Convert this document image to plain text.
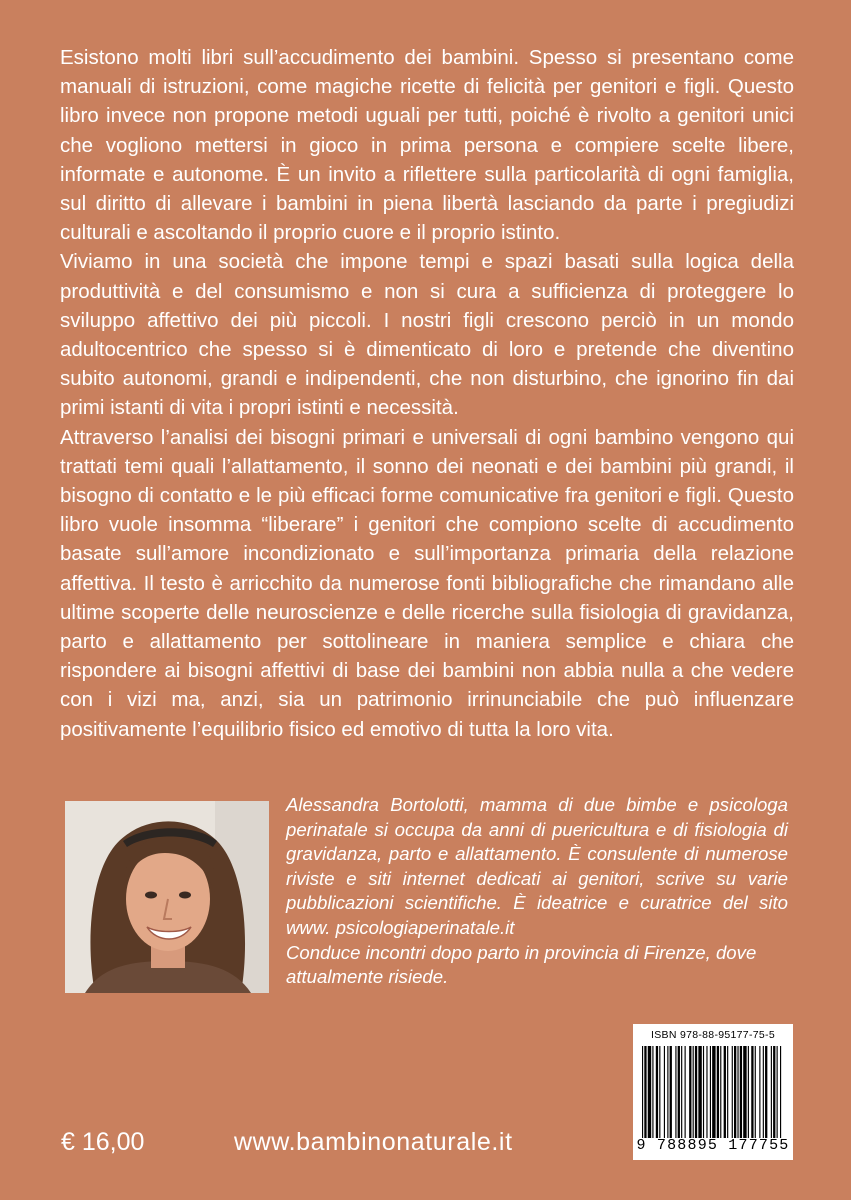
Esistono molti libri sull’accudimento dei bambini. Spesso si presentano come manuali di istruzioni, come magiche ricette di felicità per genitori e figli. Questo libro invece non propone metodi uguali per tutti, poiché è rivolto a genitori unici che vogliono mettersi in gioco in prima persona e compiere scelte libere, informate e autonome. È un invito a riflettere sulla particolarità di ogni famiglia, sul diritto di allevare i bambini in piena libertà lasciando da parte i pregiudizi culturali e ascoltando il proprio cuore e il proprio istinto.

Viviamo in una società che impone tempi e spazi basati sulla logica della produttività e del consumismo e non si cura a sufficienza di proteggere lo sviluppo affettivo dei più piccoli. I nostri figli crescono perciò in un mondo adultocentrico che spesso si è dimenticato di loro e pretende che diventino subito autonomi, grandi e indipendenti, che non disturbino, che ignorino fin dai primi istanti di vita i propri istinti e necessità.

Attraverso l’analisi dei bisogni primari e universali di ogni bambino vengono qui trattati temi quali l’allattamento, il sonno dei neonati e dei bambini più grandi, il bisogno di contatto e le più efficaci forme comunicative fra genitori e figli. Questo libro vuole insomma “liberare” i genitori che compiono scelte di accudimento basate sull’amore incondizionato e sull’importanza primaria della relazione affettiva. Il testo è arricchito da numerose fonti bibliografiche che rimandano alle ultime scoperte delle neuroscienze e delle ricerche sulla fisiologia di gravidanza, parto e allattamento per sottolineare in maniera semplice e chiara che rispondere ai bisogni affettivi di base dei bambini non abbia nulla a che vedere con i vizi ma, anzi, sia un patrimonio irrinunciabile che può influenzare positivamente l’equilibrio fisico ed emotivo di tutta la loro vita.

Alessandra Bortolotti, mamma di due bimbe e psicologa perinatale si occupa da anni di puericultura e di fisiologia di gravidanza, parto e allattamento. È consulente di numerose riviste e siti internet dedicati ai genitori, scrive su varie pubblicazioni scientifiche. È ideatrice e curatrice del sito www. psicologiaperinatale.it

Conduce incontri dopo parto in provincia di Firenze, dove attualmente risiede.

ISBN 978-88-95177-75-5
9 788895 177755
€ 16,00	www.bambinonaturale.it
